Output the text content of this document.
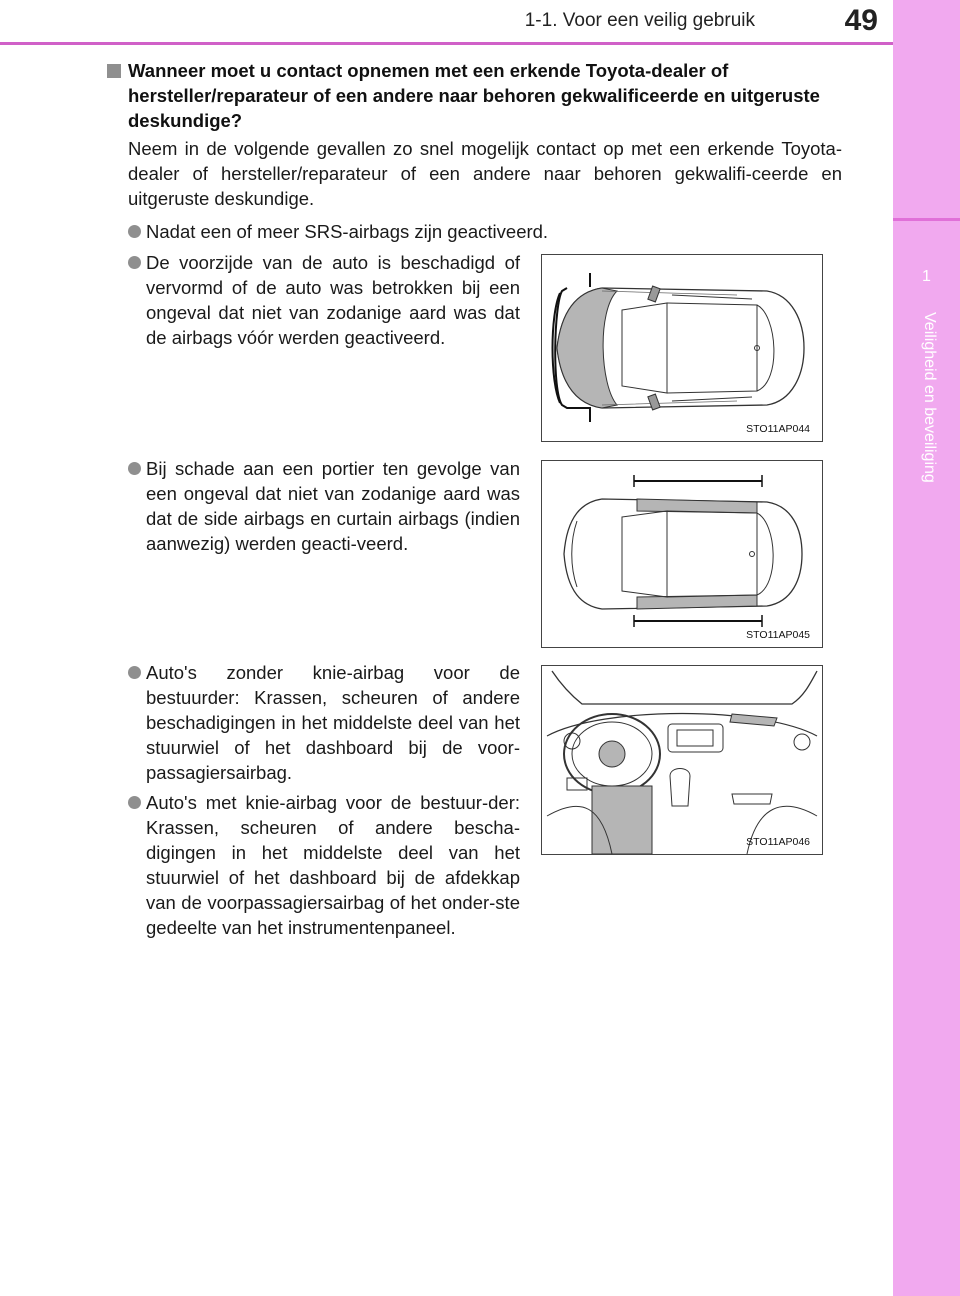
1
Veiligheid en beveiliging
1-1. Voor een veilig gebruik	49
Wanneer moet u contact opnemen met een erkende Toyota-dealer of hersteller/reparateur of een andere naar behoren gekwalificeerde en uitgeruste deskundige?
Neem in de volgende gevallen zo snel mogelijk contact op met een erkende Toyota-dealer of hersteller/reparateur of een andere naar behoren gekwalifi-ceerde en uitgeruste deskundige.
Nadat een of meer SRS-airbags zijn geactiveerd.
De voorzijde van de auto is beschadigd of vervormd of de auto was betrokken bij een ongeval dat niet van zodanige aard was dat de airbags vóór werden geactiveerd.
Bij schade aan een portier ten gevolge van een ongeval dat niet van zodanige aard was dat de side airbags en curtain airbags (indien aanwezig) werden geacti-veerd.
Auto's zonder knie-airbag voor de bestuurder: Krassen, scheuren of andere beschadigingen in het middelste deel van het stuurwiel of het dashboard bij de voor-passagiersairbag.
Auto's met knie-airbag voor de bestuur-der: Krassen, scheuren of andere bescha-digingen in het middelste deel van het stuurwiel of het dashboard bij de afdekkap van de voorpassagiersairbag of het onder-ste gedeelte van het instrumentenpaneel.
STO11AP044
STO11AP045
STO11AP046
